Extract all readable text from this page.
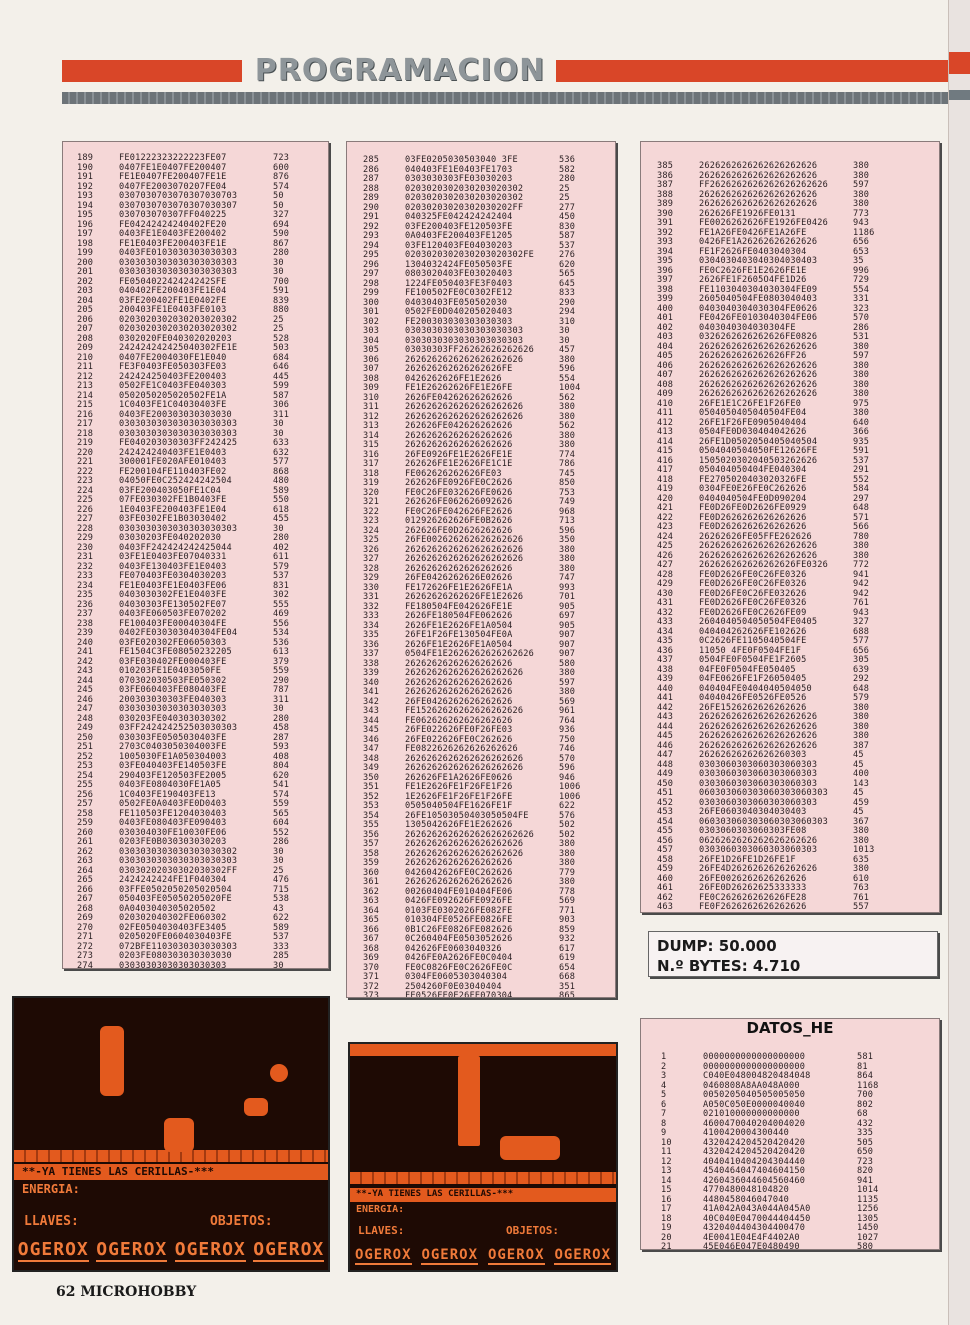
PROGRAMACION
189	FE01222323222223FE07	723
190	0407FE1E0407FE200407	600
191	FE1E0407FE200407FE1E	876
192	0407FE2003070207FE04	574
193	0307030703070307030703	50
194	0307030703070307030307	50
195	030703070307FF040225	327
196	FE04242424240402FE20	694
197	0403FE1E0403FE200402	590
198	FE1E0403FE200403FE1E	867
199	0403FE0103030303030303	280
200	0303030303030303030303	30
201	0303030303030303030303	30
202	FE050402242424242SFE	700
203	040402FE200403FE1E04	591
204	03FE200402FE1E0402FE	839
205	200403FE1E0403FE0103	880
206	0203020302030203020302	25
207	0203020302030203020302	25
208	0302020FE040302020203	528
209	242424242425040302FE1E	503
210	0407FE2004030FE1E040	684
211	FE3F0403FE050303FE03	646
212	242424250403FE200403	445
213	0502FE1C0403FE040303	599
214	0502050205020502FE1A	587
215	1C0403FE1C04030403FE	306
216	0403FE200303030303030	311
217	0303030303030303030303	30
218	0303030303030303030303	30
219	FE040203030303FF242425	633
220	242424240403FE1E0403	632
221	300001FE020AFE010403	577
222	FE200104FE110403FE02	868
223	04050FE0C252424242504	480
224	03FE200403050FE1C04	589
225	07FE030302FE1B0403FE	550
226	1E0403FE200403FE1E04	618
227	03FE0302FE1B03030402	455
228	0303030303030303030303	30
229	03030203FE040202030	280
230	0403FF242424242425044	402
231	03FE1E0403FE07040331	611
232	0403FE130403FE1E0403	579
233	FE070403FE0304030203	537
234	FE1E0403FE1E0403FE06	831
235	0403030302FE1E0403FE	302
236	04030303FE130502FE07	555
237	0403FE060503FE070202	469
238	FE100403FE00040304FE	556
239	0402FE030303040304FE04	534
240	03FE020302FE06050303	536
241	FE1504C3FE08050232205	613
242	03FE030402FE000403FE	379
243	010203FE1E0403050FE	559
244	070302030503FE050302	290
245	03FE060403FE080403FE	787
246	200303030303FE040303	311
247	03030303030303030303	30
248	030203FE040303030302	280
249	03FF242424252503030303	458
250	030303FE0505030403FE	287
251	2703C0403050304003FE	593
252	1005030FE1A050304003	408
253	03FE040403FE140503FE	804
254	290403FE120503FE2005	620
255	0403FE0804030FE1A05	541
256	1C0403FE190403FE13	574
257	0502FE0A0403FE0D0403	559
258	FE110503FE1204030403	565
259	0403FE080403FE090403	604
260	030304030FE10030FE06	552
261	0203FE0B030303030203	286
262	0303030303030303030302	30
263	0303030303030303030303	30
264	03030202030302030302FF	25
265	2424242424FE1F040304	476
266	03FFE0502050205020504	715
267	050403FE05050205020FE	538
268	0A0403040305020502	43
269	020302040302FE060302	622
270	02FE0504030403FE3405	589
271	0205020FE0604030403FE	537
272	072BFE1103030303030303	333
273	0203FE080303030303030	285
274	03030303030303030303	30
285	03FE0205030503040 3FE	536
286	040403FE1E0403FE1703	582
287	0303030303FE03030203	280
288	0203020302030203020302	25
289	0203020302030203020302	25
290	02030203020302030202FF	277
291	040325FE042424242404	450
292	03FE200403FE120503FE	830
293	0A0403FE200403FE1205	587
294	03FE120403FE04030203	537
295	0203020302030203020302FE	276
296	1304032424FE050503FE	620
297	0803020403FE03020403	565
298	1224FE050403FE3F0403	645
299	FE100502FE0C0302FE12	833
300	04030403FE050502030	290
301	0502FE0D040205020403	294
302	FE200303030303030303	310
303	0303030303030303030303	30
304	0303030303030303030303	30
305	03030303FF26262626262626	457
306	2626262626262626262626	380
307	262626262626262626FE	596
308	0426262626FE1E2626	554
309	FE1E26262626FE1E26FE	1004
310	2626FE04262626262626	562
311	2626262626262626262626	380
312	2626262626262626262626	380
313	262626FE042626262626	562
314	26262626262626262626	380
315	26262626262626262626	380
316	26FE0926FE1E2626FE1E	774
317	262626FE1E2626FE1C1E	786
318	FE062626262626FE03	745
319	262626FE0926FE0C2626	850
320	FE0C26FE032626FE0626	753
321	262626FE062626092626	749
322	FE0C26FE042626FE2626	968
323	012926262626FE0B2626	713
324	262626FE0D2626262626	596
325	26FE002626262626262626	350
326	2626262626262626262626	380
327	2626262626262626262626	380
328	26262626262626262626	380
329	26FE0426262626E02626	747
330	FE172626FE1E2626FE1A	993
331	26262626262626FE1E2626	701
332	FE180504FE042626FE1E	905
333	2626FE180504FE062626	697
334	2626FE1E2626FE1A0504	905
335	26FE1F26FE130504FE0A	907
336	2626FE1E2626FE1A0504	907
337	0504FE1E2626262626262626	907
338	26262626262626262626	580
339	2626262626262626262626	380
340	26262626262626262626	597
341	26262626262626262626	380
342	26FE0426262626262626	569
343	FE15262626262626262626	961
344	FE062626262626262626	764
345	26FE022626FE0F26FE03	936
346	26FE022626FE0C262626	750
347	FE0822626262626262626	746
348	2626262626262626262626	570
349	2626262626262626262626	596
350	262626FE1A2626FE0626	946
351	FE1E2626FE1F26FE1F26	1006
352	1E2626FE1F26FE1F26FE	1006
353	0505040504FE1626FE1F	622
354	26FE10503050403050504FE	576
355	1305042626FE1E262626	502
356	262626262626262626262626	502
357	2626262626262626262626	380
358	2626262626262626262626	380
359	26262626262626262626	380
360	0426042626FE0C262626	779
361	26262626262626262626	380
362	00260404FE010404FE06	778
363	0426FE092626FE0926FE	569
364	0103FE0302026FE082FE	771
365	010304FE0526FE0826FE	903
366	0B1C26FE0826FE082626	859
367	0C260404FE0503052626	932
368	042626FE0603040326	617
369	0426FE0A2626FE0C0404	619
370	FE0C0826FE0C2626FE0C	654
371	0304FE0605303040304	668
372	2504260F0E03040404	351
373	FE0526FE0E26FE070304	865
385	2626262626262626262626	380
386	2626262626262626262626	380
387	FF2626262626262626262626	597
388	2626262626262626262626	380
389	2626262626262626262626	380
390	262626FE1926FE0131	773
391	FE0026262626FE1926FE0426	943
392	FE1A26FE0426FE1A26FE	1186
393	0426FE1A26262626262626	656
394	FE1F2626FE0403040304	653
395	0304030403040304030403	35
396	FE0C2626FE1E2626FE1E	996
397	2626FE1F2605O4FE1D26	729
398	FE1103040304030304FE09	554
399	2605040504FE0803040403	331
400	0403040304030304FE0626	323
401	FE0426FE0103040304FE06	570
402	0403040304030304FE	286
403	0326262626262626FE0826	531
404	2626262626262626262626	380
405	2626262626262626FF26	597
406	2626262626262626262626	380
407	2626262626262626262626	380
408	2626262626262626262626	380
409	2626262626262626262626	380
410	26FE1E1C26FE1F26FE0	975
411	0504050405040504FE04	380
412	26FE1F26FE0905040404	640
413	0504FE0D030404042626	366
414	26FE1D0502050405040504	935
415	0504040504050FE12626FE	591
416	1505020302040503262626	537
417	050404050404FE040304	291
418	FE2705020403020326FE	552
419	0304FE0E26FE0C262626	584
420	0404040504FE0D090204	297
421	FE0D26FE0D2626FE0929	648
422	FE0D2626262626262626	571
423	FE0D2626262626262626	566
424	26262626FE05FFE262626	780
425	2626262626262626262626	380
426	2626262626262626262626	380
427	262626262626262626FE0326	772
428	FE0D2626FE0C26FE0326	941
429	FE0D2626FE0C26FE0326	942
430	FE0D26FE0C26FE032626	942
431	FE0D2626FE0C26FE0326	761
432	FE0D2626FE0C2626FE09	943
433	2604040504050504FE0405	327
434	040404262626FE102626	688
435	0C2626FE1105040504FE	577
436	11050 4FE0F0504FE1F	656
437	0504FE0F0504FE1F2605	305
438	04FE0F0504FE050405	639
439	04FE0626FE1F26050405	292
440	040404FE0404040504050	648
441	04040426FE0526FE0526	579
442	26FE1526262626262626	380
443	2626262626262626262626	380
444	2626262626262626262626	380
445	2626262626262626262626	380
446	2626262626262626262626	387
447	26262626262626260303	45
448	0303060303060303060303	45
449	0303060303060303060303	400
450	0303060303060303060303	143
451	060303060303060303060303	45
452	0303060303060303060303	459
453	26FE0603040304030403	45
454	060303060303060303060303	367
455	0303060303060303FE08	380
456	0626262626262626262626	380
457	0303060303060303060303	1013
458	26FE1D26FE1D26FE1F	635
459	26FE4D2626262626262626	380
460	26FE0026262626262626	610
461	26FE0D26262625333333	763
462	FE0C262626262626FE28	761
463	FE0F2626262626262626	557
DUMP: 50.000
N.º BYTES: 4.710
1	0000000000000000000	581
2	0000000000000000000	81
3	C040E048004820484048	864
4	0460808A8AA048A000	1168
5	0050205040505005050	700
6	A050C050E0000040040	802
7	021010000000000000	68
8	4600470040204004020	432
9	4100420004300440	335
10	4320424204520420420	505
11	4320424204520420420	650
12	4040410404204304440	723
13	4540464047404604150	820
14	4260436044604560460	941
15	4770480048104820	1014
16	4480458046047040	1135
17	41A042A043A044A045A0	1256
18	40C040E0470044404450	1305
19	4320404404304400470	1450
20	4E0041E04E4F4402A0	1027
21	45E046E047E0480490	580
DATOS_HE
**-YA TIENES LAS CERILLAS-***
ENERGIA:
LLAVES:	OBJETOS:
OGEROX OGEROX OGEROX OGEROX
**-YA TIENES LAS CERILLAS-***
ENERGIA:
LLAVES:	OBJETOS:
OGEROX OGEROX OGEROX OGEROX
62 MICROHOBBY
